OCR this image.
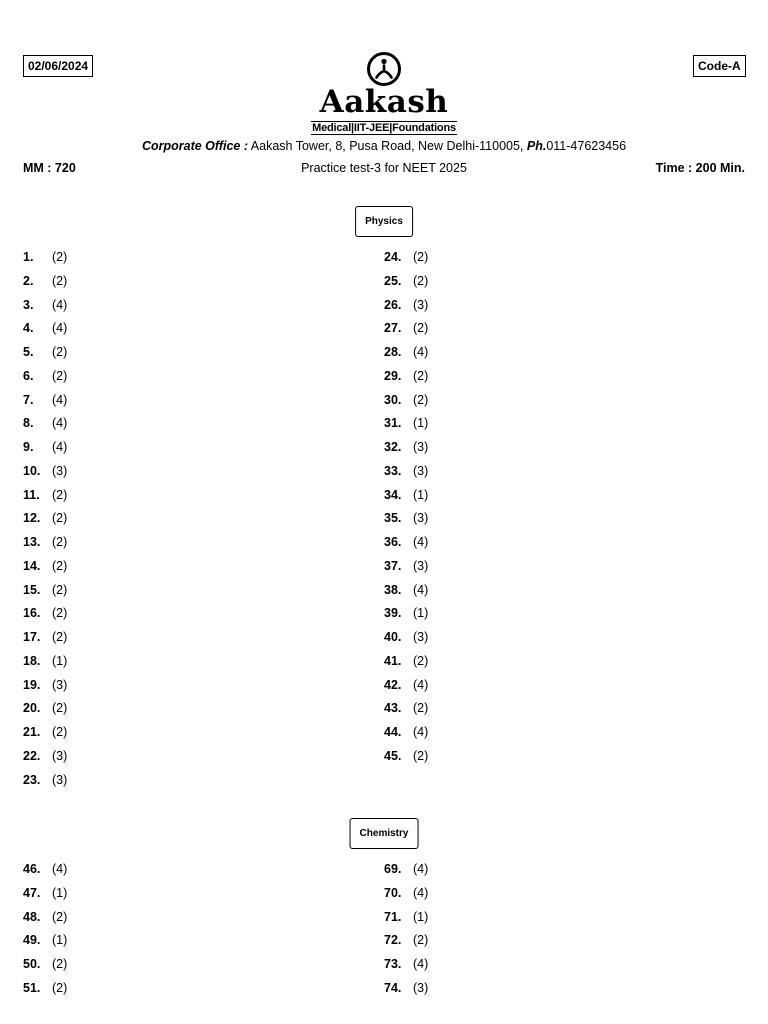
02/06/2024	Code-A
Aakash
Medical|IIT-JEE|Foundations
Corporate Office : Aakash Tower, 8, Pusa Road, New Delhi-110005, Ph.011-47623456
MM : 720	Practice test-3 for NEET 2025	Time : 200 Min.
Physics
Chemistry
1. (2)
2. (2)
3. (4)
4. (4)
5. (2)
6. (2)
7. (4)
8. (4)
9. (4)
10. (3)
11. (2)
12. (2)
13. (2)
14. (2)
15. (2)
16. (2)
17. (2)
18. (1)
19. (3)
20. (2)
21. (2)
22. (3)
23. (3)
24. (2)
25. (2)
26. (3)
27. (2)
28. (4)
29. (2)
30. (2)
31. (1)
32. (3)
33. (3)
34. (1)
35. (3)
36. (4)
37. (3)
38. (4)
39. (1)
40. (3)
41. (2)
42. (4)
43. (2)
44. (4)
45. (2)
46. (4)
47. (1)
48. (2)
49. (1)
50. (2)
51. (2)
69. (4)
70. (4)
71. (1)
72. (2)
73. (4)
74. (3)
